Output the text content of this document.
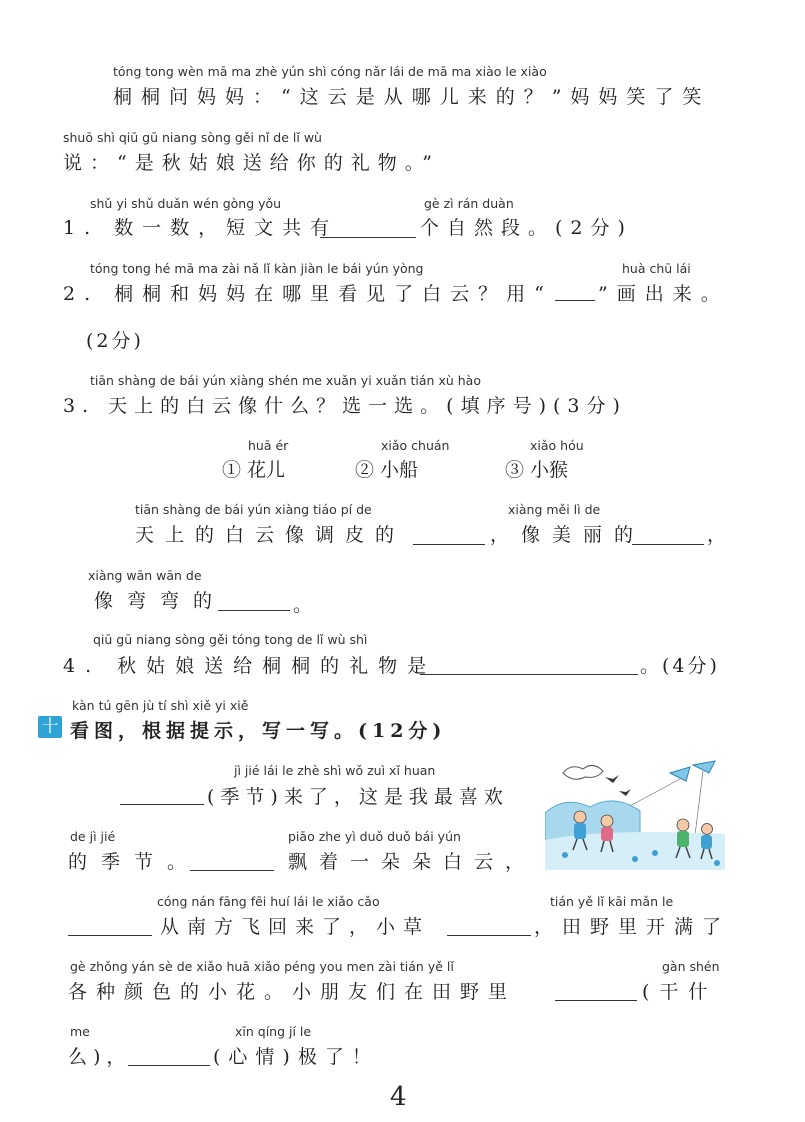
tóng tong wèn mā ma zhè yún shì cóng nǎr lái de mā ma xiào le xiào
桐桐问妈妈：“这云是从哪儿来的？”妈妈笑了笑
shuō shì qiū gū niang sòng gěi nǐ de lǐ wù
说：“是秋姑娘送给你的礼物。”
shǔ yi shǔ duǎn wén gòng yǒu
1. 数一数，短文共有
gè zì rán duàn
个自然段。(2分)
tóng tong hé mā ma zài nǎ lǐ kàn jiàn le bái yún yòng
2. 桐桐和妈妈在哪里看见了白云？用“
huà chū lái
”画出来。
(2分)
tiān shàng de bái yún xiàng shén me xuǎn yi xuǎn tián xù hào
3. 天上的白云像什么？选一选。(填序号)(3分)
huā ér
① 花儿
xiǎo chuán
② 小船
xiǎo hóu
③ 小猴
tiān shàng de bái yún xiàng tiáo pí de
天上的白云像调皮的
xiàng měi lì de
，像美丽的	，
xiàng wān wān de
像弯弯的	。
qiū gū niang sòng gěi tóng tong de lǐ wù shì
4. 秋姑娘送给桐桐的礼物是	。(4分)
十
kàn tú gēn jù tí shì xiě yi xiě
看图，根据提示，写一写。(12分)
jì jié lái le zhè shì wǒ zuì xǐ huan
(季节)来了，这是我最喜欢
de jì jié
的季节。
piāo zhe yì duǒ duǒ bái yún
飘着一朵朵白云，
cóng nán fāng fēi huí lái le xiǎo cǎo
从南方飞回来了，小草
tián yě lǐ kāi mǎn le
，田野里开满了
gè zhǒng yán sè de xiǎo huā xiǎo péng you men zài tián yě lǐ
各种颜色的小花。小朋友们在田野里
gàn shén
(干什
me
么)，
xīn qíng jí le
(心情)极了！
4
